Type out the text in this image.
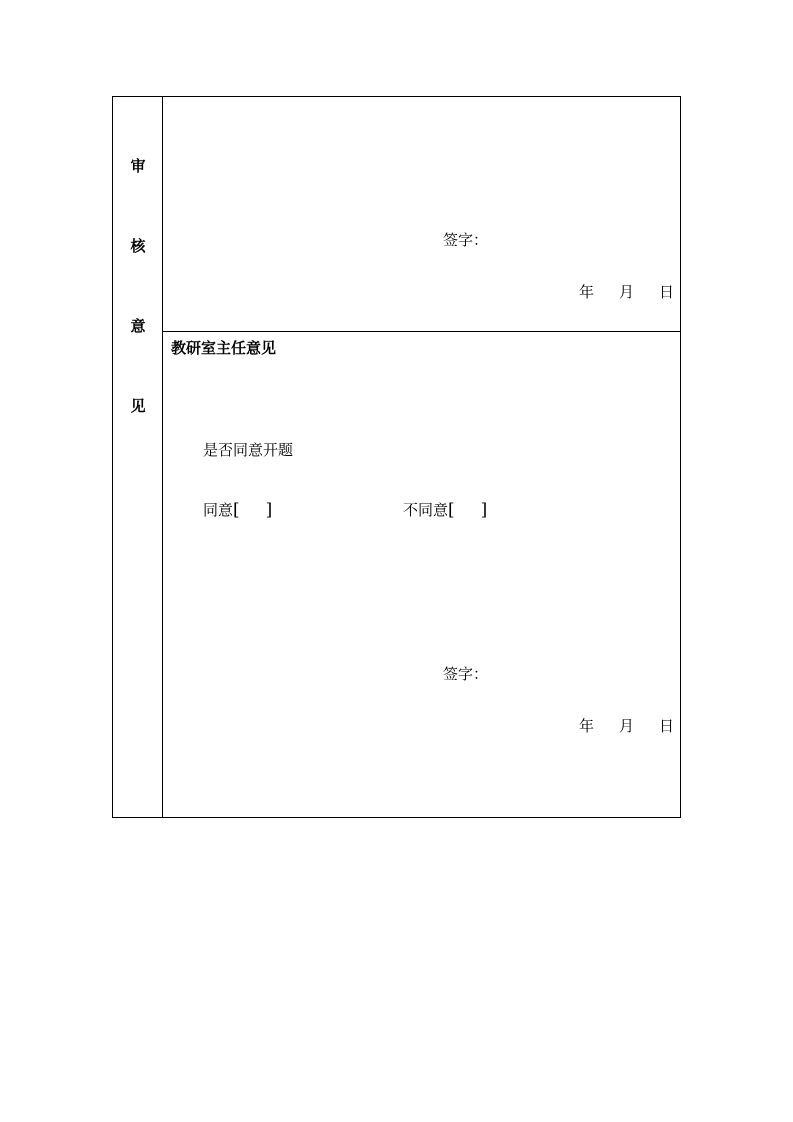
审
核
意
见
签字：
年 月 日
教研室主任意见
是否同意开题
同意[ ]	不同意[ ]
签字：
年 月 日
